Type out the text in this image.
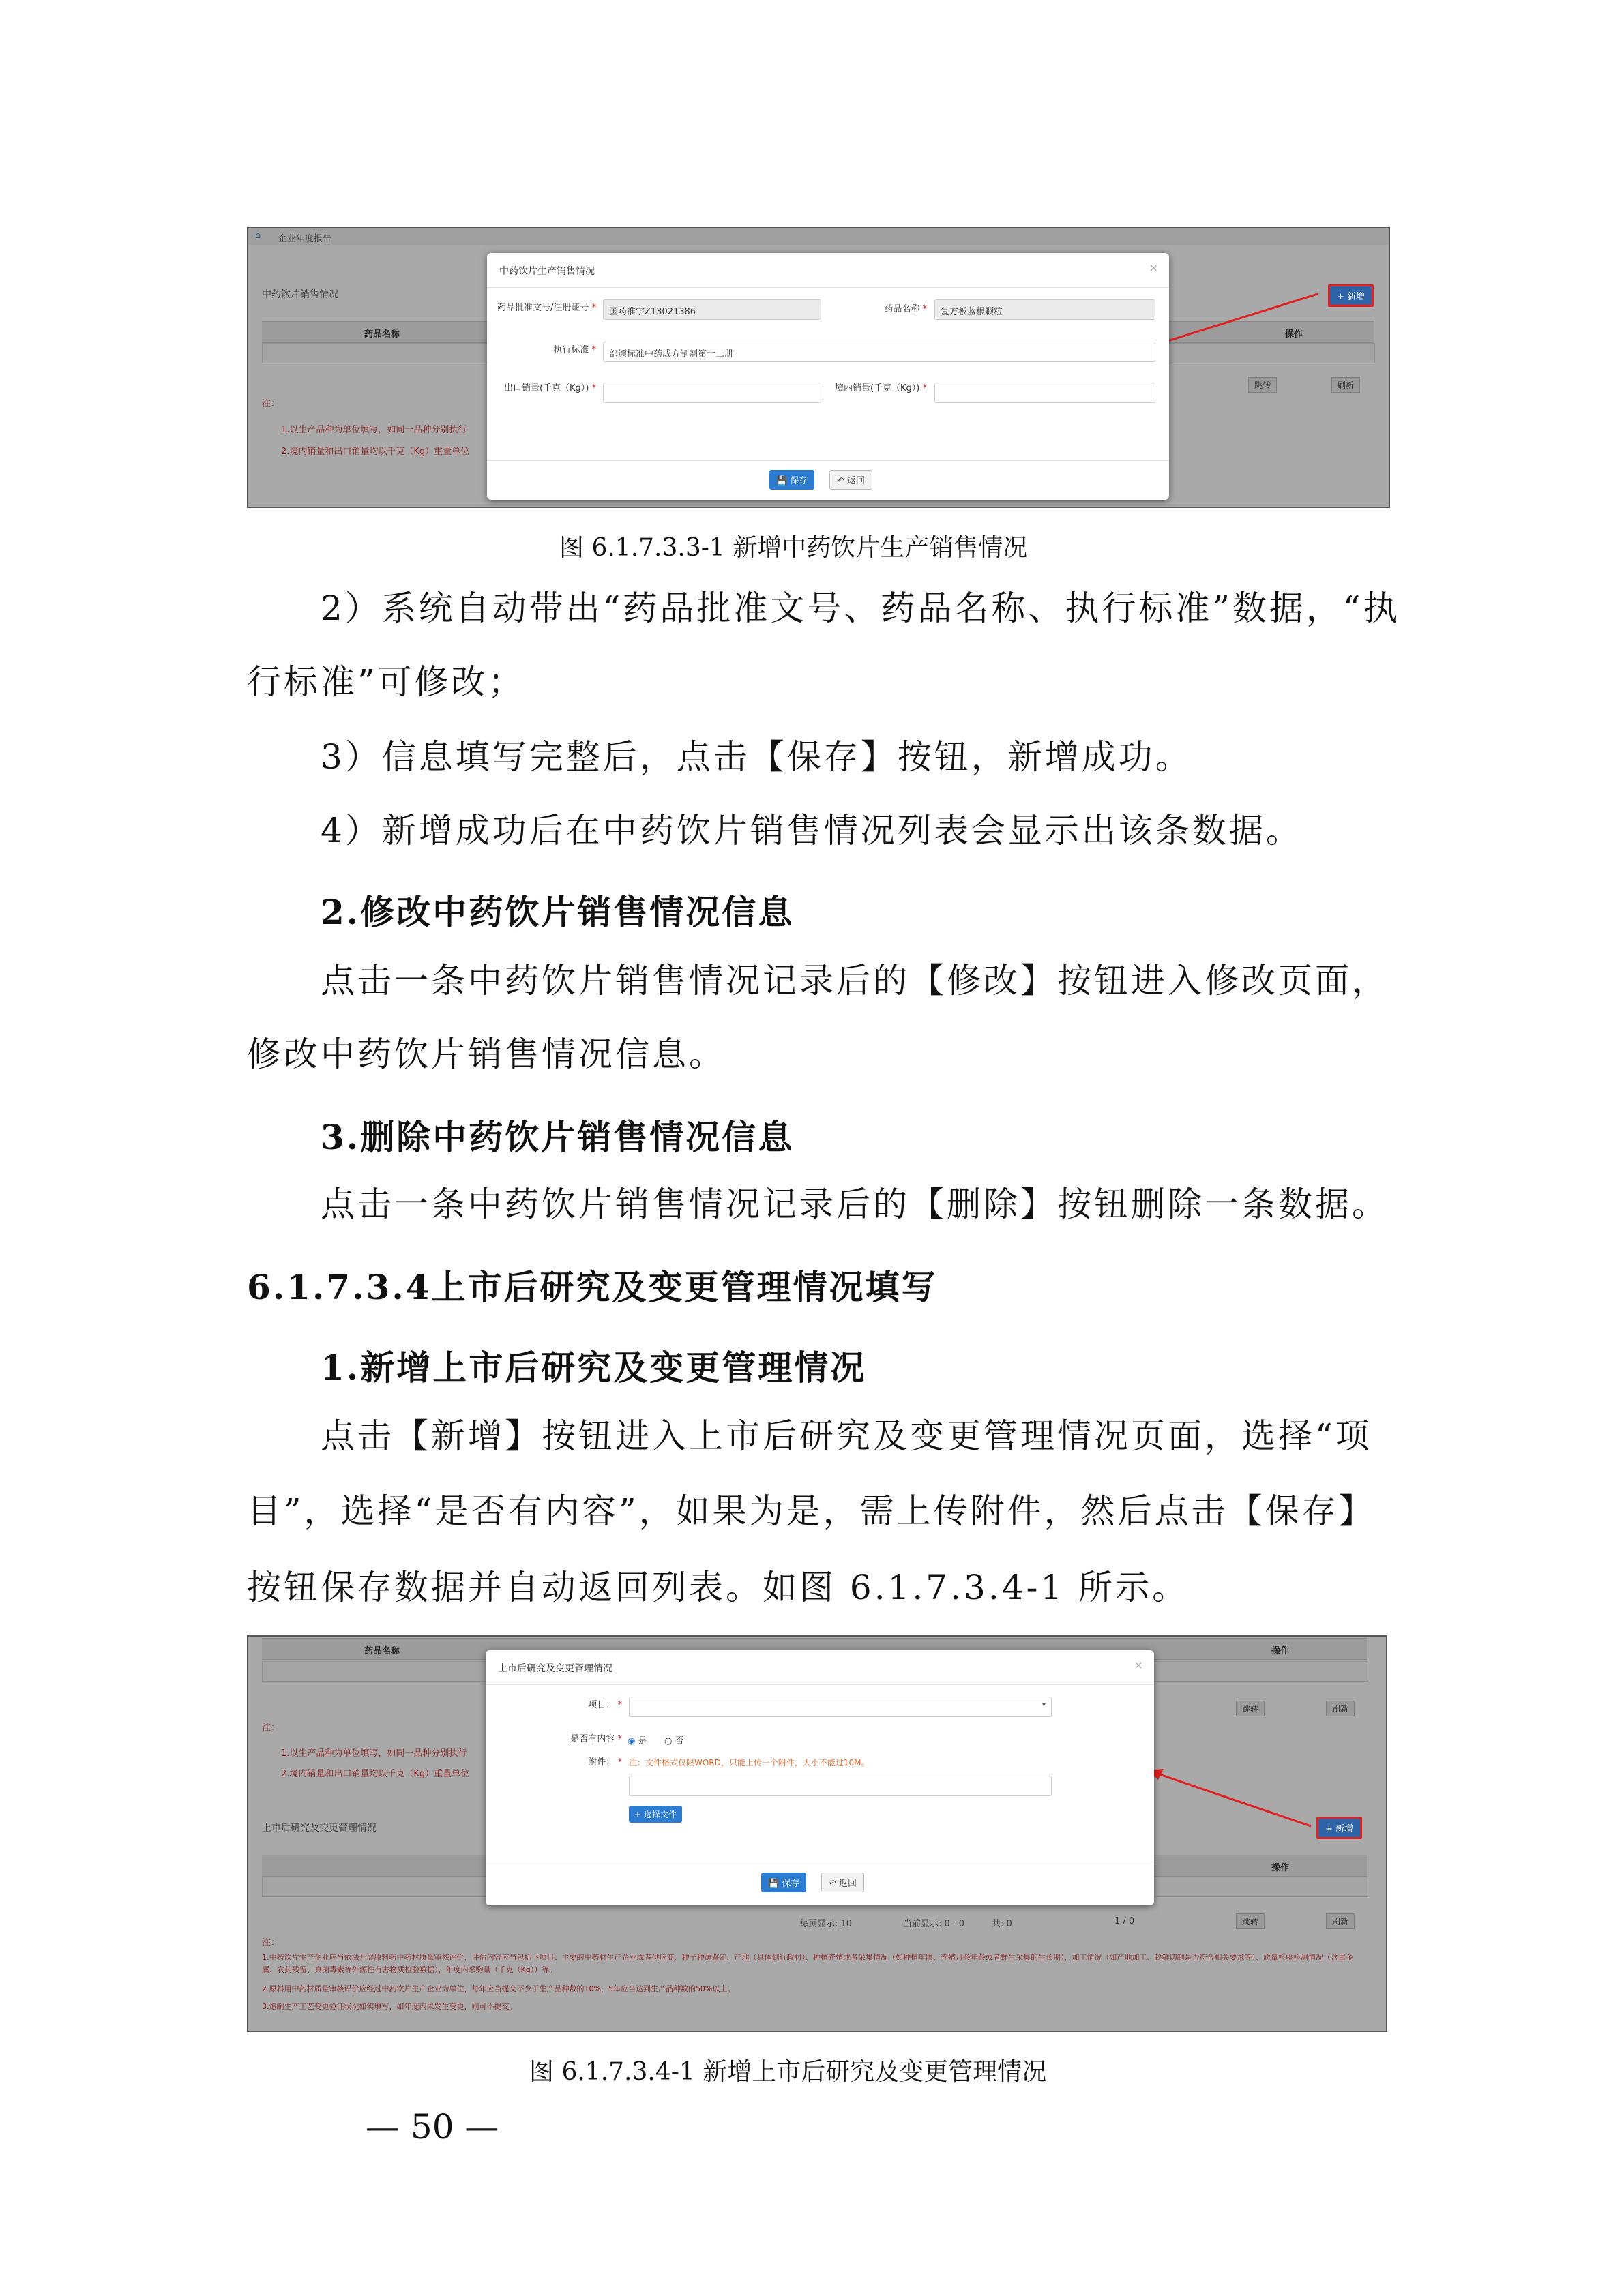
⌂ 企业年度报告
中药饮片销售情况	+ 新增
药品名称	操作
跳转	刷新
注：
1.以生产品种为单位填写，如同一品种分别执行
2.境内销量和出口销量均以千克（Kg）重量单位
中药饮片生产销售情况	×
药品批准文号/注册证号 *	国药准字Z13021386	药品名称 *	复方板蓝根颗粒
执行标准 *	部颁标准中药成方制剂第十二册
出口销量(千克（Kg）) *	境内销量(千克（Kg）) *
💾 保存	↶ 返回
图 6.1.7.3.3-1 新增中药饮片生产销售情况
2）系统自动带出“药品批准文号、药品名称、执行标准”数据，“执
行标准”可修改；
3）信息填写完整后，点击【保存】按钮，新增成功。
4）新增成功后在中药饮片销售情况列表会显示出该条数据。
2.修改中药饮片销售情况信息
点击一条中药饮片销售情况记录后的【修改】按钮进入修改页面，
修改中药饮片销售情况信息。
3.删除中药饮片销售情况信息
点击一条中药饮片销售情况记录后的【删除】按钮删除一条数据。
6.1.7.3.4上市后研究及变更管理情况填写
1.新增上市后研究及变更管理情况
点击【新增】按钮进入上市后研究及变更管理情况页面，选择“项
目”，选择“是否有内容”，如果为是，需上传附件，然后点击【保存】
按钮保存数据并自动返回列表。如图 6.1.7.3.4-1 所示。
药品名称	操作
跳转	刷新
注：
1.以生产品种为单位填写，如同一品种分别执行
2.境内销量和出口销量均以千克（Kg）重量单位
上市后研究及变更管理情况	+ 新增
操作
每页显示: 10	当前显示: 0 - 0	共: 0	1 / 0	跳转	刷新
注：
1.中药饮片生产企业应当依法开展原料药中药材质量审核评价，评估内容应当包括下项目：主要的中药材生产企业或者供应商、种子种源鉴定、产地（具体到行政村）、种植养殖或者采集情况（如种植年限、养殖月龄年龄或者野生采集的生长期），加工情况（如产地加工、趁鲜切制是否符合相关要求等）、质量检验检测情况（含重金属、农药残留、真菌毒素等外源性有害物质检验数据），年度内采购量（千克（Kg））等。
2.原料用中药材质量审核评价应经过中药饮片生产企业为单位，每年应当提交不少于生产品种数的10%，5年应当达到生产品种数的50%以上。
3.炮制生产工艺变更验证状况如实填写，如年度内未发生变更，则可不提交。
上市后研究及变更管理情况	×
项目： *	▾
是否有内容 * ◉ 是 ○ 否
附件： * 注：文件格式仅限WORD，只能上传一个附件，大小不能过10M。
+ 选择文件
💾 保存	↶ 返回
图 6.1.7.3.4-1 新增上市后研究及变更管理情况
— 50 —
